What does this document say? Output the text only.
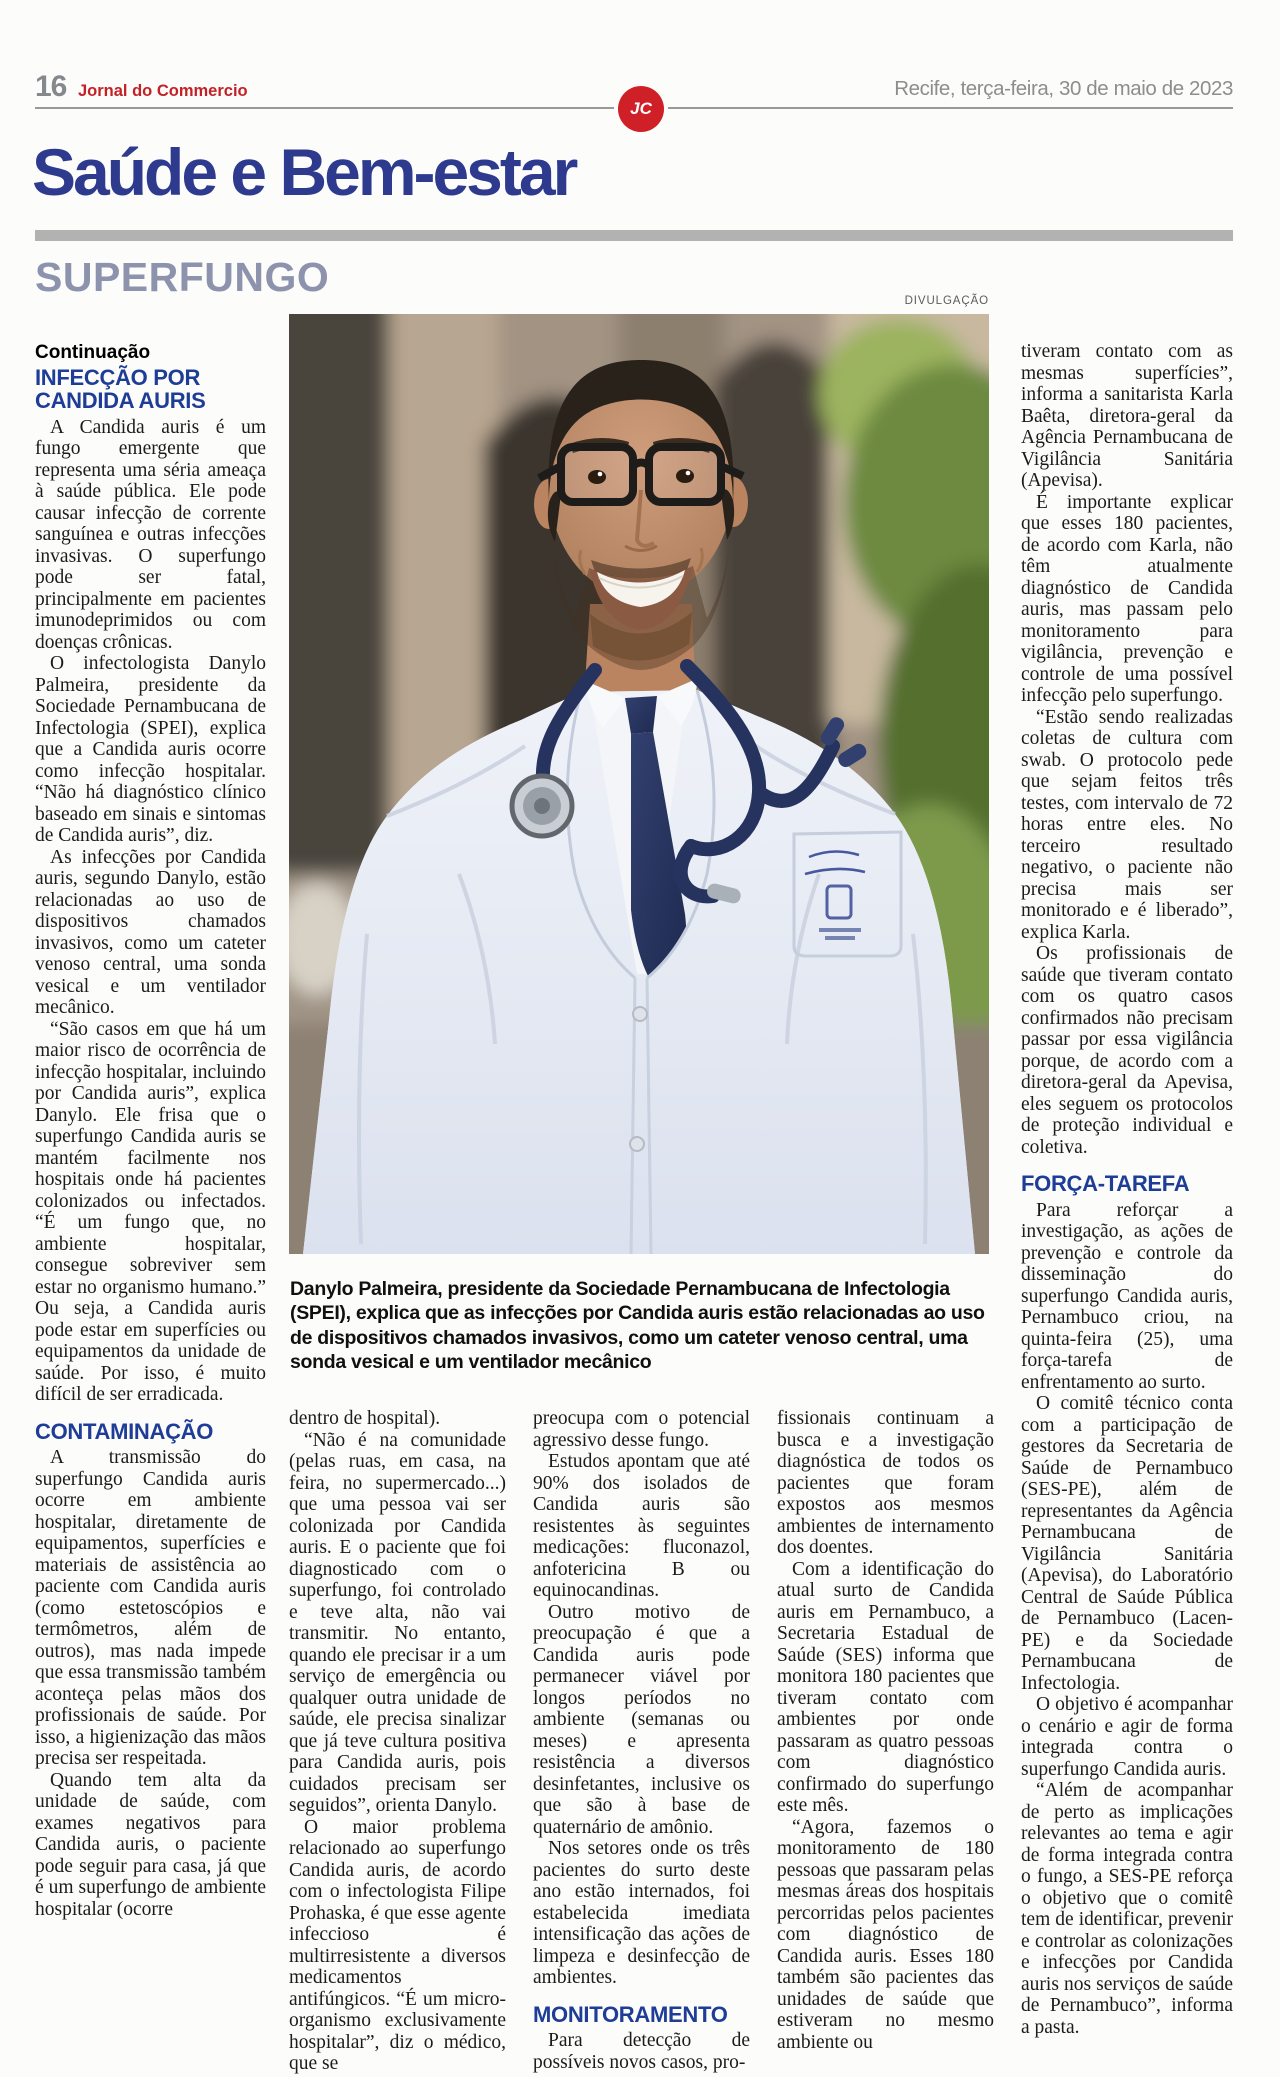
16 Jornal do Commercio	Recife, terça-feira, 30 de maio de 2023
JC
Saúde e Bem-estar
SUPERFUNGO
DIVULGAÇÃO

Danylo Palmeira, presidente da Sociedade Pernambucana de Infectologia (SPEI), explica que as infecções por Candida auris estão relacionadas ao uso de dispositivos chamados invasivos, como um cateter venoso central, uma sonda vesical e um ventilador mecânico

Continuação

INFECÇÃO POR CANDIDA AURIS

A Candida auris é um fungo emergente que representa uma séria ameaça à saúde pública. Ele pode causar infecção de corrente sanguínea e outras infecções invasivas. O superfungo pode ser fatal, principalmente em pacientes imunodeprimidos ou com doenças crônicas.

O infectologista Danylo Palmeira, presidente da Sociedade Pernambucana de Infectologia (SPEI), explica que a Candida auris ocorre como infecção hospitalar. “Não há diagnóstico clínico baseado em sinais e sintomas de Candida auris”, diz.

As infecções por Candida auris, segundo Danylo, estão relacionadas ao uso de dispositivos chamados invasivos, como um cateter venoso central, uma sonda vesical e um ventilador mecânico.

“São casos em que há um maior risco de ocorrência de infecção hospitalar, incluindo por Candida auris”, explica Danylo. Ele frisa que o superfungo Candida auris se mantém facilmente nos hospitais onde há pacientes colonizados ou infectados. “É um fungo que, no ambiente hospitalar, consegue sobreviver sem estar no organismo humano.” Ou seja, a Candida auris pode estar em superfícies ou equipamentos da unidade de saúde. Por isso, é muito difícil de ser erradicada.

CONTAMINAÇÃO

A transmissão do superfungo Candida auris ocorre em ambiente hospitalar, diretamente de equipamentos, superfícies e materiais de assistência ao paciente com Candida auris (como estetoscópios e termômetros, além de outros), mas nada impede que essa transmissão também aconteça pelas mãos dos profissionais de saúde. Por isso, a higienização das mãos precisa ser respeitada.

Quando tem alta da unidade de saúde, com exames negativos para Candida auris, o paciente pode seguir para casa, já que é um superfungo de ambiente hospitalar (ocorre

dentro de hospital).

“Não é na comunidade (pelas ruas, em casa, na feira, no supermercado...) que uma pessoa vai ser colonizada por Candida auris. E o paciente que foi diagnosticado com o superfungo, foi controlado e teve alta, não vai transmitir. No entanto, quando ele precisar ir a um serviço de emergência ou qualquer outra unidade de saúde, ele precisa sinalizar que já teve cultura positiva para Candida auris, pois cuidados precisam ser seguidos”, orienta Danylo.

O maior problema relacionado ao superfungo Candida auris, de acordo com o infectologista Filipe Prohaska, é que esse agente infeccioso é multirresistente a diversos medicamentos antifúngicos. “É um micro-organismo exclusivamente hospitalar”, diz o médico, que se

preocupa com o potencial agressivo desse fungo.

Estudos apontam que até 90% dos isolados de Candida auris são resistentes às seguintes medicações: fluconazol, anfotericina B ou equinocandinas.

Outro motivo de preocupação é que a Candida auris pode permanecer viável por longos períodos no ambiente (semanas ou meses) e apresenta resistência a diversos desinfetantes, inclusive os que são à base de quaternário de amônio.

Nos setores onde os três pacientes do surto deste ano estão internados, foi estabelecida imediata intensificação das ações de limpeza e desinfecção de ambientes.

MONITORAMENTO

Para detecção de possíveis novos casos, pro-

fissionais continuam a busca e a investigação diagnóstica de todos os pacientes que foram expostos aos mesmos ambientes de internamento dos doentes.

Com a identificação do atual surto de Candida auris em Pernambuco, a Secretaria Estadual de Saúde (SES) informa que monitora 180 pacientes que tiveram contato com ambientes por onde passaram as quatro pessoas com diagnóstico confirmado do superfungo este mês.

“Agora, fazemos o monitoramento de 180 pessoas que passaram pelas mesmas áreas dos hospitais percorridas pelos pacientes com diagnóstico de Candida auris. Esses 180 também são pacientes das unidades de saúde que estiveram no mesmo ambiente ou

tiveram contato com as mesmas superfícies”, informa a sanitarista Karla Baêta, diretora-geral da Agência Pernambucana de Vigilância Sanitária (Apevisa).

É importante explicar que esses 180 pacientes, de acordo com Karla, não têm atualmente diagnóstico de Candida auris, mas passam pelo monitoramento para vigilância, prevenção e controle de uma possível infecção pelo superfungo.

“Estão sendo realizadas coletas de cultura com swab. O protocolo pede que sejam feitos três testes, com intervalo de 72 horas entre eles. No terceiro resultado negativo, o paciente não precisa mais ser monitorado e é liberado”, explica Karla.

Os profissionais de saúde que tiveram contato com os quatro casos confirmados não precisam passar por essa vigilância porque, de acordo com a diretora-geral da Apevisa, eles seguem os protocolos de proteção individual e coletiva.

FORÇA-TAREFA

Para reforçar a investigação, as ações de prevenção e controle da disseminação do superfungo Candida auris, Pernambuco criou, na quinta-feira (25), uma força-tarefa de enfrentamento ao surto.

O comitê técnico conta com a participação de gestores da Secretaria de Saúde de Pernambuco (SES-PE), além de representantes da Agência Pernambucana de Vigilância Sanitária (Apevisa), do Laboratório Central de Saúde Pública de Pernambuco (Lacen-PE) e da Sociedade Pernambucana de Infectologia.

O objetivo é acompanhar o cenário e agir de forma integrada contra o superfungo Candida auris.

“Além de acompanhar de perto as implicações relevantes ao tema e agir de forma integrada contra o fungo, a SES-PE reforça o objetivo que o comitê tem de identificar, prevenir e controlar as colonizações e infecções por Candida auris nos serviços de saúde de Pernambuco”, informa a pasta.
